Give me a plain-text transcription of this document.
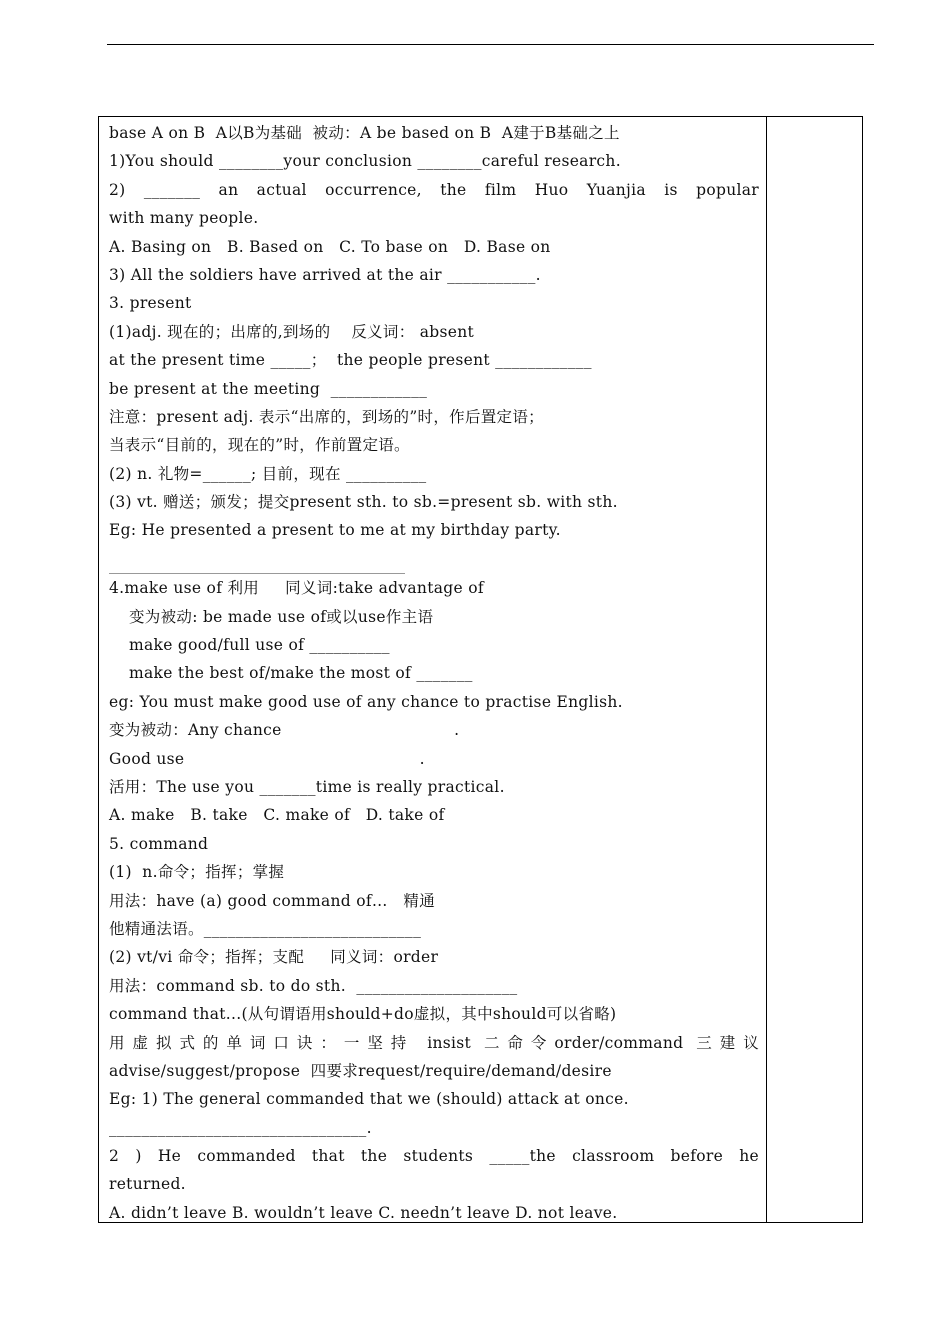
base A on B  A以B为基础  被动：A be based on B  A建于B基础之上
1)You should ________your conclusion ________careful research.
2) _______ an actual occurrence, the film Huo Yuanjia is popular
with many people.
A. Basing on   B. Based on   C. To base on   D. Base on
3) All the soldiers have arrived at the air ___________.
3. present
(1)adj. 现在的；出席的,到场的    反义词： absent
at the present time _____；  the people present ____________
be present at the meeting  ____________
注意：present adj. 表示“出席的，到场的”时，作后置定语；
当表示“目前的，现在的”时，作前置定语。
(2) n. 礼物=______; 目前，现在 __________
(3) vt. 赠送；颁发；提交present sth. to sb.=present sb. with sth.
Eg: He presented a present to me at my birthday party.
4.make use of 利用     同义词:take advantage of
变为被动: be made use of或以use作主语
make good/full use of __________
make the best of/make the most of _______
eg: You must make good use of any chance to practise English.
变为被动：Any chance                                 .
Good use                                             .
活用：The use you _______time is really practical.
A. make   B. take   C. make of   D. take of
5. command
(1)  n.命令；指挥；掌握
用法：have (a) good command of…   精通
他精通法语。___________________________
(2) vt/vi 命令；指挥；支配     同义词：order
用法：command sb. to do sth.  ____________________
command that...(从句谓语用should+do虚拟，其中should可以省略)
用虚拟式的单词口诀：一坚持 insist 二命令order/command 三建议
advise/suggest/propose  四要求request/require/demand/desire
Eg: 1) The general commanded that we (should) attack at once.
________________________________.
2 ) He commanded that the students _____the classroom before he
returned.
A. didn’t leave B. wouldn’t leave C. needn’t leave D. not leave.
